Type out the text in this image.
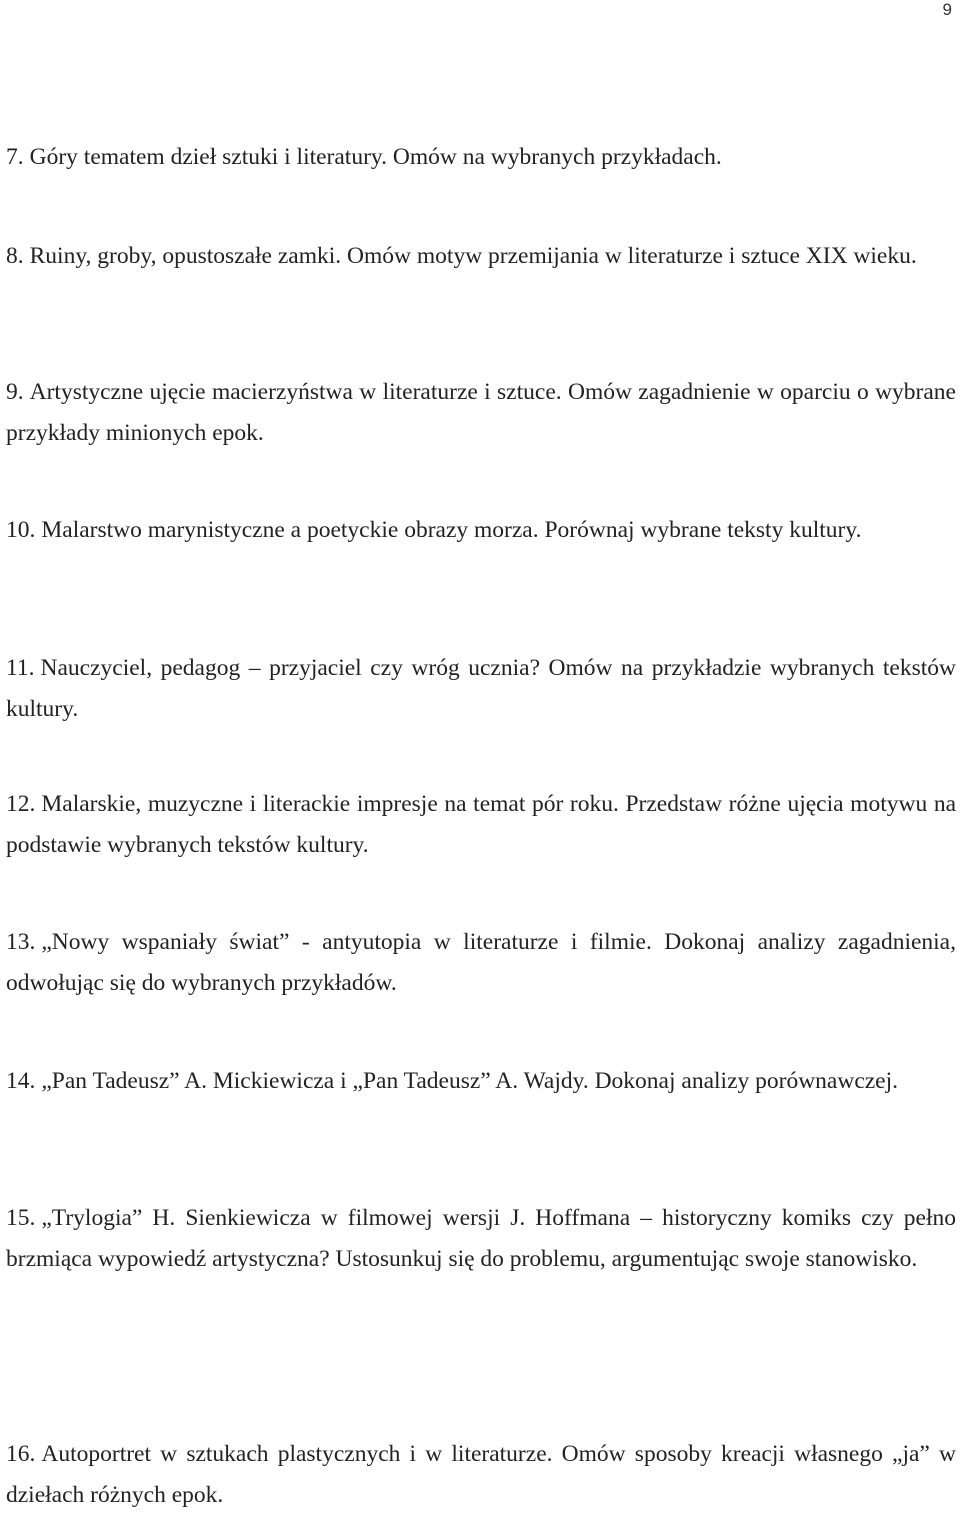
9

7. Góry tematem dzieł sztuki i literatury. Omów na wybranych przykładach.

8. Ruiny, groby, opustoszałe zamki. Omów motyw przemijania w literaturze i sztuce XIX wieku.

9. Artystyczne ujęcie macierzyństwa w literaturze i sztuce. Omów zagadnienie w oparciu o wybrane przykłady minionych epok.

10. Malarstwo marynistyczne a poetyckie obrazy morza. Porównaj wybrane teksty kultury.

11. Nauczyciel, pedagog – przyjaciel czy wróg ucznia? Omów na przykładzie wybranych tekstów kultury.

12. Malarskie, muzyczne i literackie impresje na temat pór roku. Przedstaw różne ujęcia motywu na podstawie wybranych tekstów kultury.

13. „Nowy wspaniały świat” - antyutopia w literaturze i filmie. Dokonaj analizy zagadnienia, odwołując się do wybranych przykładów.

14. „Pan Tadeusz” A. Mickiewicza i „Pan Tadeusz” A. Wajdy. Dokonaj analizy porównawczej.

15. „Trylogia” H. Sienkiewicza w filmowej wersji J. Hoffmana – historyczny komiks czy pełno brzmiąca wypowiedź artystyczna? Ustosunkuj się do problemu, argumentując swoje stanowisko.

16. Autoportret w sztukach plastycznych i w literaturze. Omów sposoby kreacji własnego „ja” w dziełach różnych epok.
